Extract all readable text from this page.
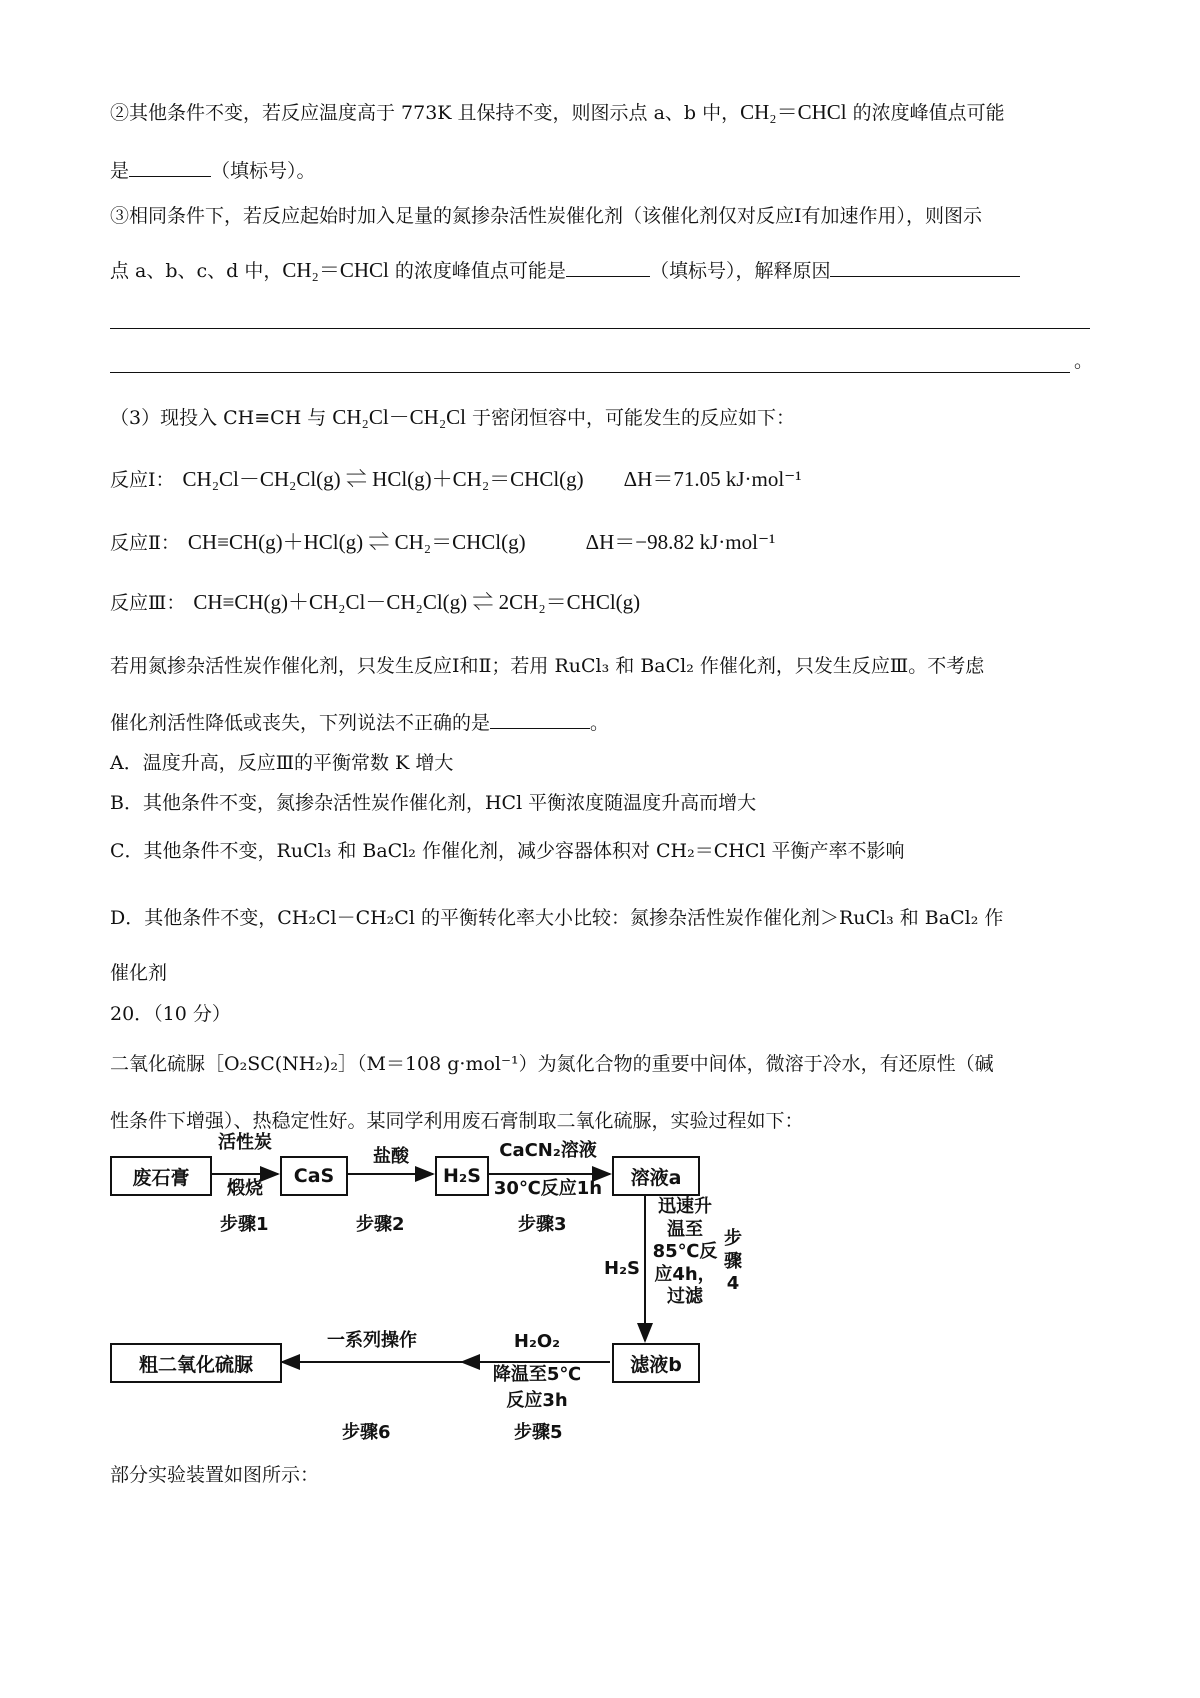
②其他条件不变，若反应温度高于 773K 且保持不变，则图示点 a、b 中，CH₂＝CHCl 的浓度峰值点可能
是	（填标号）。
③相同条件下，若反应起始时加入足量的氮掺杂活性炭催化剂（该催化剂仅对反应Ⅰ有加速作用），则图示
点 a、b、c、d 中，CH₂＝CHCl 的浓度峰值点可能是	（填标号），解释原因
。
（3）现投入 CH≡CH 与 CH₂Cl－CH₂Cl 于密闭恒容中，可能发生的反应如下：
反应Ⅰ： CH₂Cl－CH₂Cl(g) ⇌ HCl(g)＋CH₂＝CHCl(g) ΔH＝71.05 kJ·mol⁻¹
反应Ⅱ： CH≡CH(g)＋HCl(g) ⇌ CH₂＝CHCl(g)	ΔH＝−98.82 kJ·mol⁻¹
反应Ⅲ： CH≡CH(g)＋CH₂Cl－CH₂Cl(g) ⇌ 2CH₂＝CHCl(g)
若用氮掺杂活性炭作催化剂，只发生反应Ⅰ和Ⅱ；若用 RuCl₃ 和 BaCl₂ 作催化剂，只发生反应Ⅲ。不考虑
催化剂活性降低或丧失，下列说法不正确的是	。
A．温度升高，反应Ⅲ的平衡常数 K 增大
B．其他条件不变，氮掺杂活性炭作催化剂，HCl 平衡浓度随温度升高而增大
C．其他条件不变，RuCl₃ 和 BaCl₂ 作催化剂，减少容器体积对 CH₂＝CHCl 平衡产率不影响
D．其他条件不变，CH₂Cl－CH₂Cl 的平衡转化率大小比较：氮掺杂活性炭作催化剂＞RuCl₃ 和 BaCl₂ 作
催化剂
20．（10 分）
二氧化硫脲［O₂SC(NH₂)₂］（M＝108 g·mol⁻¹）为氮化合物的重要中间体，微溶于冷水，有还原性（碱
性条件下增强）、热稳定性好。某同学利用废石膏制取二氧化硫脲，实验过程如下：
废石膏	CaS	H₂S	溶液a
滤液b
粗二氧化硫脲
活性炭
煅烧
盐酸	CaCN₂溶液
30℃反应1h
H₂S
迅速升
温至
85℃反
应4h，
过滤
步
骤
4
H₂O₂
降温至5℃
反应3h
一系列操作
步骤1	步骤2	步骤3
步骤5
步骤6
部分实验装置如图所示：
